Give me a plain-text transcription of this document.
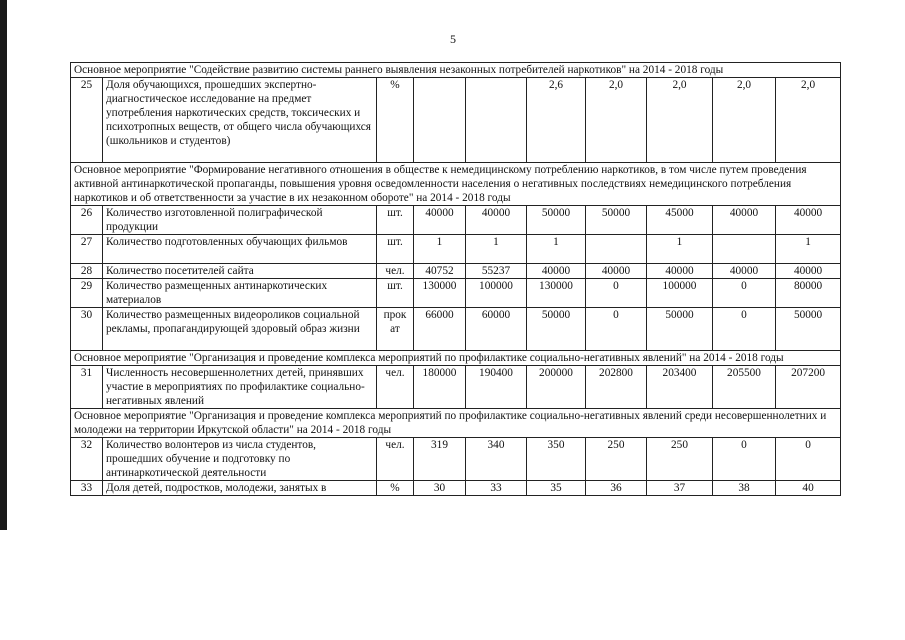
5
Основное мероприятие "Содействие развитию системы раннего выявления незаконных потребителей наркотиков" на 2014 - 2018 годы									
25	Доля обучающихся, прошедших экспертно-диагностическое исследование на предмет употребления наркотических средств, токсических и психотропных веществ, от общего числа обучающихся (школьников и студентов)	%			2,6	2,0	2,0	2,0	2,0
Основное мероприятие "Формирование негативного отношения в обществе к немедицинскому потреблению наркотиков, в том числе путем проведения активной антинаркотической пропаганды, повышения уровня осведомленности населения о негативных последствиях немедицинского потребления наркотиков и об ответственности за участие в их незаконном обороте" на 2014 - 2018 годы									
26	Количество изготовленной полиграфической продукции	шт.	40000	40000	50000	50000	45000	40000	40000
27	Количество подготовленных обучающих фильмов	шт.	1	1	1		1		1
28	Количество посетителей сайта	чел.	40752	55237	40000	40000	40000	40000	40000
29	Количество размещенных антинаркотических материалов	шт.	130000	100000	130000	0	100000	0	80000
30	Количество размещенных видеороликов социальной рекламы, пропагандирующей здоровый образ жизни	прок ат	66000	60000	50000	0	50000	0	50000
Основное мероприятие "Организация и проведение комплекса мероприятий по профилактике социально-негативных явлений" на 2014 - 2018 годы									
31	Численность несовершеннолетних детей, принявших участие в мероприятиях по профилактике социально-негативных явлений	чел.	180000	190400	200000	202800	203400	205500	207200
Основное мероприятие "Организация и проведение комплекса мероприятий по профилактике социально-негативных явлений среди несовершеннолетних и молодежи на территории Иркутской области" на 2014 - 2018 годы									
32	Количество волонтеров из числа студентов, прошедших обучение и подготовку по антинаркотической деятельности	чел.	319	340	350	250	250	0	0
33	Доля детей, подростков, молодежи, занятых в	%	30	33	35	36	37	38	40
